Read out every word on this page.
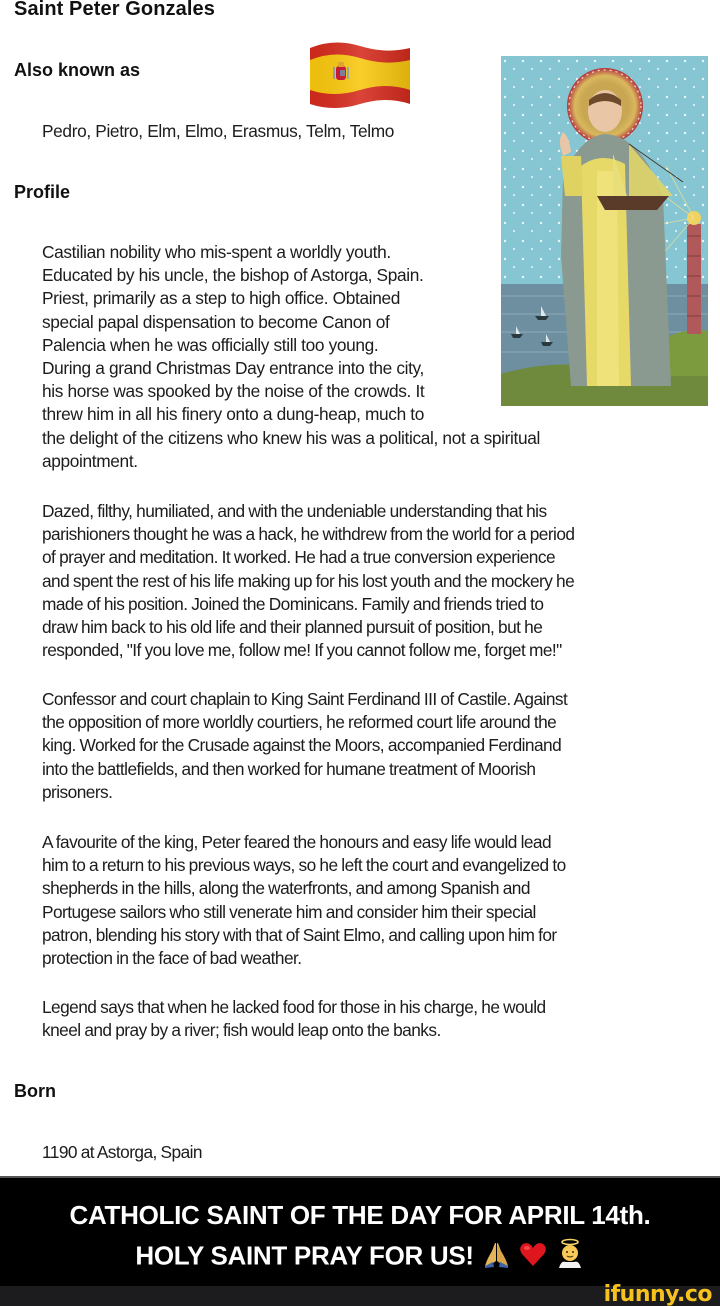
Saint Peter Gonzales
Also known as
Pedro, Pietro, Elm, Elmo, Erasmus, Telm, Telmo
Profile
Castilian nobility who mis-spent a worldly youth.
Educated by his uncle, the bishop of Astorga, Spain.
Priest, primarily as a step to high office. Obtained
special papal dispensation to become Canon of
Palencia when he was officially still too young.
During a grand Christmas Day entrance into the city,
his horse was spooked by the noise of the crowds. It
threw him in all his finery onto a dung-heap, much to
the delight of the citizens who knew his was a political, not a spiritual
appointment.
Dazed, filthy, humiliated, and with the undeniable understanding that his
parishioners thought he was a hack, he withdrew from the world for a period
of prayer and meditation. It worked. He had a true conversion experience
and spent the rest of his life making up for his lost youth and the mockery he
made of his position. Joined the Dominicans. Family and friends tried to
draw him back to his old life and their planned pursuit of position, but he
responded, "If you love me, follow me! If you cannot follow me, forget me!"
Confessor and court chaplain to King Saint Ferdinand III of Castile. Against
the opposition of more worldly courtiers, he reformed court life around the
king. Worked for the Crusade against the Moors, accompanied Ferdinand
into the battlefields, and then worked for humane treatment of Moorish
prisoners.
A favourite of the king, Peter feared the honours and easy life would lead
him to a return to his previous ways, so he left the court and evangelized to
shepherds in the hills, along the waterfronts, and among Spanish and
Portugese sailors who still venerate him and consider him their special
patron, blending his story with that of Saint Elmo, and calling upon him for
protection in the face of bad weather.
Legend says that when he lacked food for those in his charge, he would
kneel and pray by a river; fish would leap onto the banks.
Born
1190 at Astorga, Spain
CATHOLIC SAINT OF THE DAY FOR APRIL 14th.
HOLY SAINT PRAY FOR US!
ifunny.co
